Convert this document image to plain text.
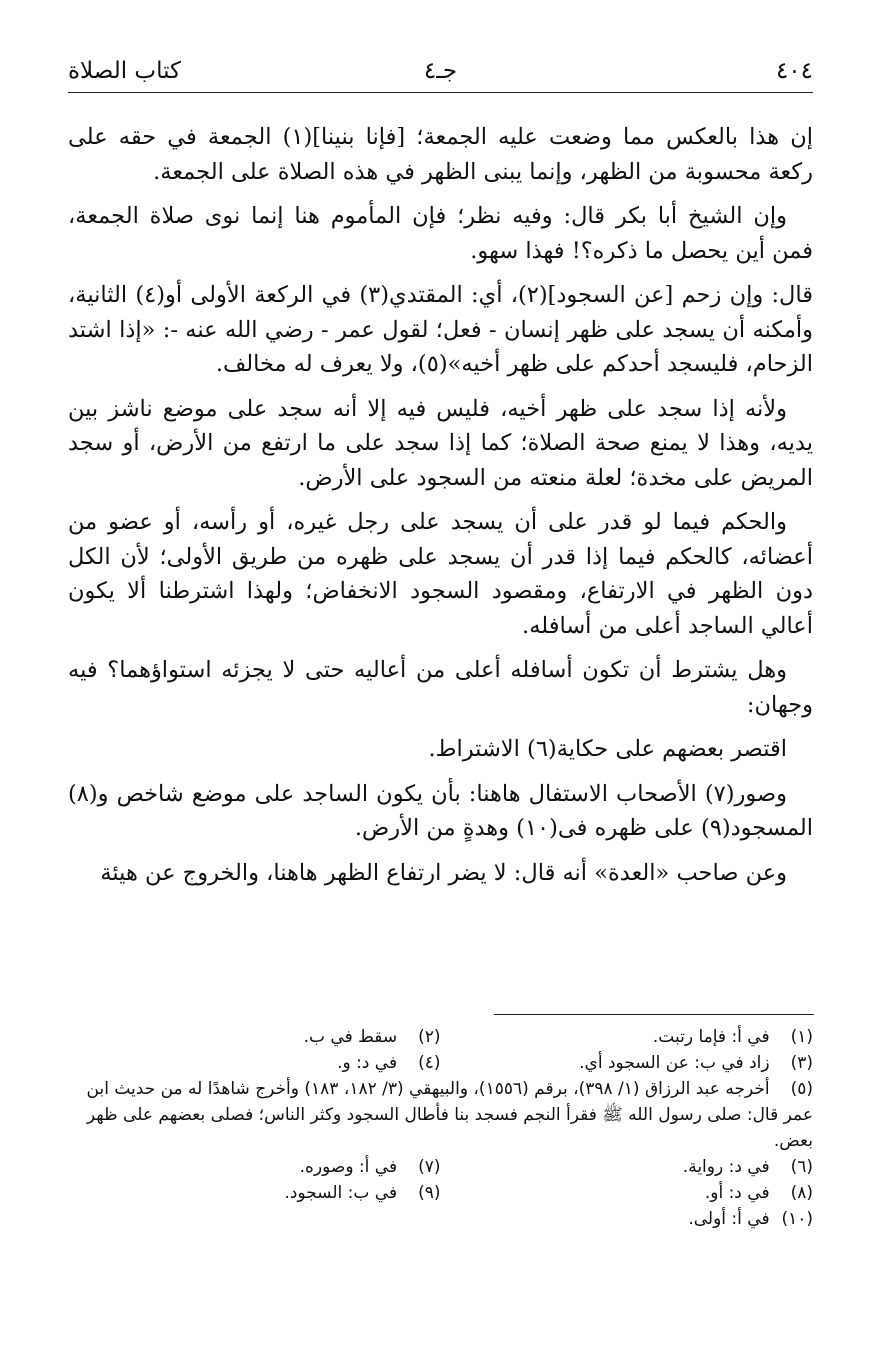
٤٠٤
جـ٤
كتاب الصلاة

إن هذا بالعكس مما وضعت عليه الجمعة؛ [فإنا بنينا](١) الجمعة في حقه على ركعة محسوبة من الظهر، وإنما يبنى الظهر في هذه الصلاة على الجمعة.

وإن الشيخ أبا بكر قال: وفيه نظر؛ فإن المأموم هنا إنما نوى صلاة الجمعة، فمن أين يحصل ما ذكره؟! فهذا سهو.

قال: وإن زحم [عن السجود](٢)، أي: المقتدي(٣) في الركعة الأولى أو(٤) الثانية، وأمكنه أن يسجد على ظهر إنسان - فعل؛ لقول عمر - رضي الله عنه -: «إذا اشتد الزحام، فليسجد أحدكم على ظهر أخيه»(٥)، ولا يعرف له مخالف.

ولأنه إذا سجد على ظهر أخيه، فليس فيه إلا أنه سجد على موضع ناشز بين يديه، وهذا لا يمنع صحة الصلاة؛ كما إذا سجد على ما ارتفع من الأرض، أو سجد المريض على مخدة؛ لعلة منعته من السجود على الأرض.

والحكم فيما لو قدر على أن يسجد على رجل غيره، أو رأسه، أو عضو من أعضائه، كالحكم فيما إذا قدر أن يسجد على ظهره من طريق الأولى؛ لأن الكل دون الظهر في الارتفاع، ومقصود السجود الانخفاض؛ ولهذا اشترطنا ألا يكون أعالي الساجد أعلى من أسافله.

وهل يشترط أن تكون أسافله أعلى من أعاليه حتى لا يجزئه استواؤهما؟ فيه وجهان:

اقتصر بعضهم على حكاية(٦) الاشتراط.

وصور(٧) الأصحاب الاستفال هاهنا: بأن يكون الساجد على موضع شاخص و(٨) المسجود(٩) على ظهره فى(١٠) وهدةٍ من الأرض.

وعن صاحب «العدة» أنه قال: لا يضر ارتفاع الظهر هاهنا، والخروج عن هيئة

(١) في أ: فإما رتبت.
(٢) سقط في ب.
(٣) زاد في ب: عن السجود أي.
(٤) في د: و.
(٥) أخرجه عبد الرزاق (١/ ٣٩٨)، برقم (١٥٥٦)، والبيهقي (٣/ ١٨٢، ١٨٣) وأخرج شاهدًا له من حديث ابن عمر قال: صلى رسول الله ﷺ فقرأ النجم فسجد بنا فأطال السجود وكثر الناس؛ فصلى بعضهم على ظهر بعض.
(٦) في د: رواية.
(٧) في أ: وصوره.
(٨) في د: أو.
(٩) في ب: السجود.
(١٠) في أ: أولى.
